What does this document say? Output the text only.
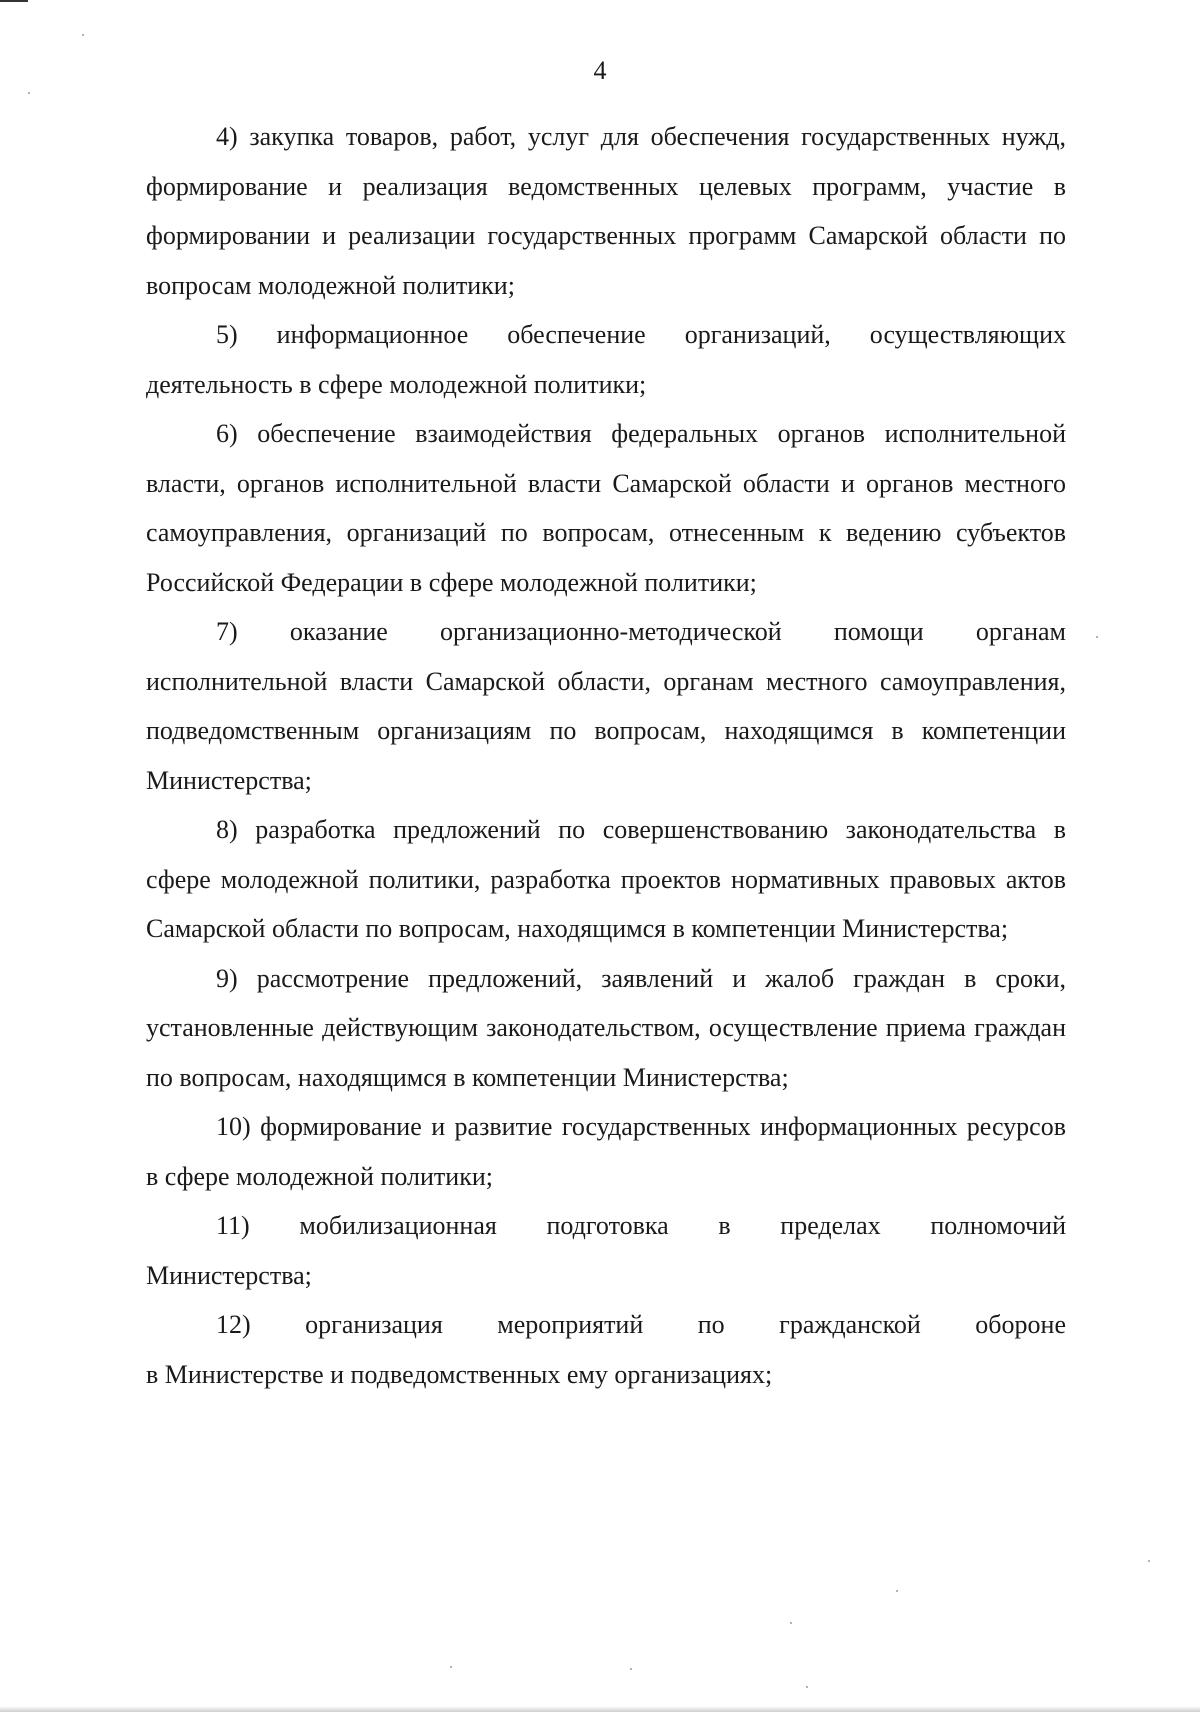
4

4) закупка товаров, работ, услуг для обеспечения государственных нужд, формирование и реализация ведомственных целевых программ, участие в формировании и реализации государственных программ Самарской области по вопросам молодежной политики;

5) информационное обеспечение организаций, осуществляющих деятельность в сфере молодежной политики;

6) обеспечение взаимодействия федеральных органов исполнительной власти, органов исполнительной власти Самарской области и органов местного самоуправления, организаций по вопросам, отнесенным к ведению субъектов Российской Федерации в сфере молодежной политики;

7) оказание организационно-методической помощи органам исполнительной власти Самарской области, органам местного самоуправления, подведомственным организациям по вопросам, находящимся в компетенции Министерства;

8) разработка предложений по совершенствованию законодательства в сфере молодежной политики, разработка проектов нормативных правовых актов Самарской области по вопросам, находящимся в компетенции Министерства;

9) рассмотрение предложений, заявлений и жалоб граждан в сроки, установленные действующим законодательством, осуществление приема граждан по вопросам, находящимся в компетенции Министерства;

10) формирование и развитие государственных информационных ресурсов в сфере молодежной политики;

11) мобилизационная подготовка в пределах полномочий
Министерства;

12) организация мероприятий по гражданской обороне
в Министерстве и подведомственных ему организациях;
